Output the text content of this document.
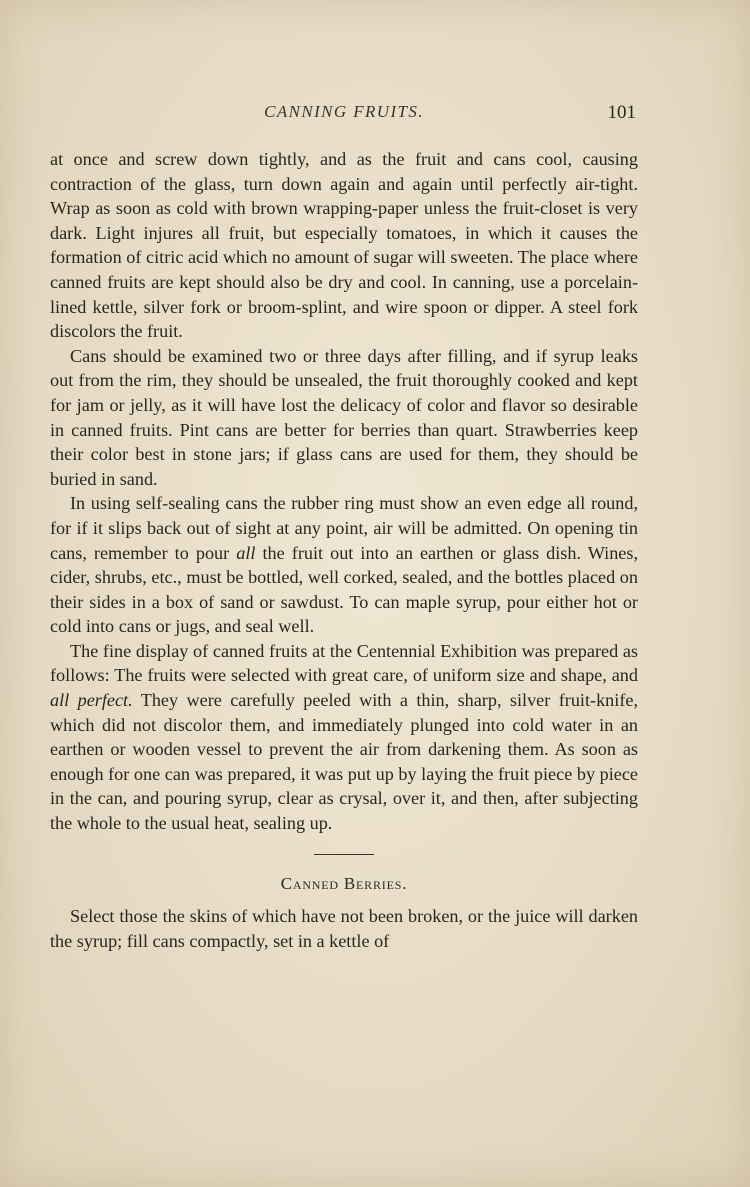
CANNING FRUITS.	101

at once and screw down tightly, and as the fruit and cans cool, causing contraction of the glass, turn down again and again until perfectly air-tight. Wrap as soon as cold with brown wrapping-paper unless the fruit-closet is very dark. Light injures all fruit, but especially tomatoes, in which it causes the formation of citric acid which no amount of sugar will sweeten. The place where canned fruits are kept should also be dry and cool. In canning, use a porcelain-lined kettle, silver fork or broom-splint, and wire spoon or dipper. A steel fork discolors the fruit.

Cans should be examined two or three days after filling, and if syrup leaks out from the rim, they should be unsealed, the fruit thoroughly cooked and kept for jam or jelly, as it will have lost the delicacy of color and flavor so desirable in canned fruits. Pint cans are better for berries than quart. Strawberries keep their color best in stone jars; if glass cans are used for them, they should be buried in sand.

In using self-sealing cans the rubber ring must show an even edge all round, for if it slips back out of sight at any point, air will be admitted. On opening tin cans, remember to pour all the fruit out into an earthen or glass dish. Wines, cider, shrubs, etc., must be bottled, well corked, sealed, and the bottles placed on their sides in a box of sand or sawdust. To can maple syrup, pour either hot or cold into cans or jugs, and seal well.

The fine display of canned fruits at the Centennial Exhibition was prepared as follows: The fruits were selected with great care, of uniform size and shape, and all perfect. They were carefully peeled with a thin, sharp, silver fruit-knife, which did not discolor them, and immediately plunged into cold water in an earthen or wooden vessel to prevent the air from darkening them. As soon as enough for one can was prepared, it was put up by laying the fruit piece by piece in the can, and pouring syrup, clear as crysal, over it, and then, after subjecting the whole to the usual heat, sealing up.

Canned Berries.

Select those the skins of which have not been broken, or the juice will darken the syrup; fill cans compactly, set in a kettle of
